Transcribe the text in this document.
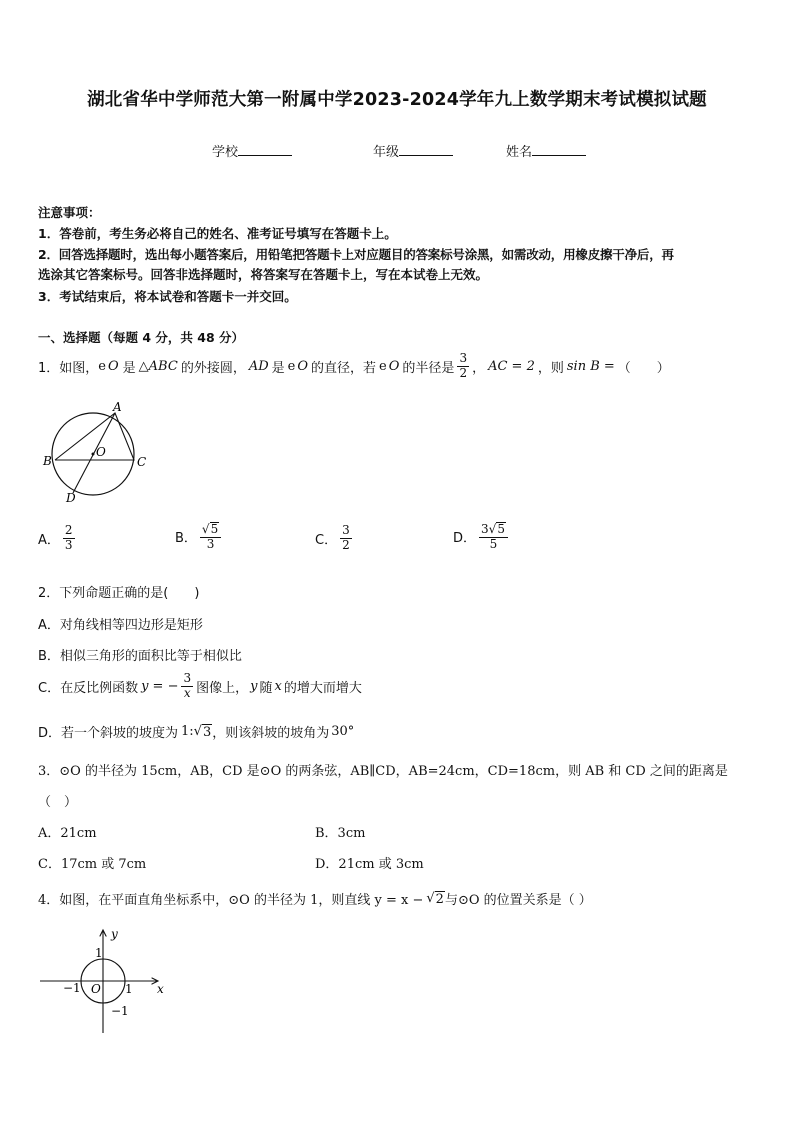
湖北省华中学师范大第一附属中学2023-2024学年九上数学期末考试模拟试题
学校	年级	姓名
注意事项：
1．答卷前，考生务必将自己的姓名、准考证号填写在答题卡上。
2．回答选择题时，选出每小题答案后，用铅笔把答题卡上对应题目的答案标号涂黑，如需改动，用橡皮擦干净后，再
选涂其它答案标号。回答非选择题时，将答案写在答题卡上，写在本试卷上无效。
3．考试结束后，将本试卷和答题卡一并交回。
一、选择题（每题 4 分，共 48 分）
1．如图， e O 是 △ABC 的外接圆， AD 是 e O 的直径，若 e O 的半径是 $\frac{3}{2}$ ， AC = 2 ，则 sin B = （　　）
A
B	C
D
O
A． $\frac{2}{3}$	B． $\frac{√5}{3}$	C． $\frac{3}{2}$	D． $\frac{3√5}{5}$
2．下列命题正确的是(　　)
A．对角线相等四边形是矩形
B．相似三角形的面积比等于相似比
C．在反比例函数 y = − $\frac{3}{x}$ 图像上， y 随 x 的增大而增大
D．若一个斜坡的坡度为 1: √ 3 ，则该斜坡的坡角为 30°
3．⊙O 的半径为 15cm，AB，CD 是⊙O 的两条弦，AB∥CD，AB=24cm，CD=18cm，则 AB 和 CD 之间的距离是
（　）
A．21cm	B．3cm
C．17cm 或 7cm	D．21cm 或 3cm
4．如图，在平面直角坐标系中，⊙O 的半径为 1，则直线 y = x − √ 2 与⊙O 的位置关系是（ ）
y
x
1
−1 O 1
−1
